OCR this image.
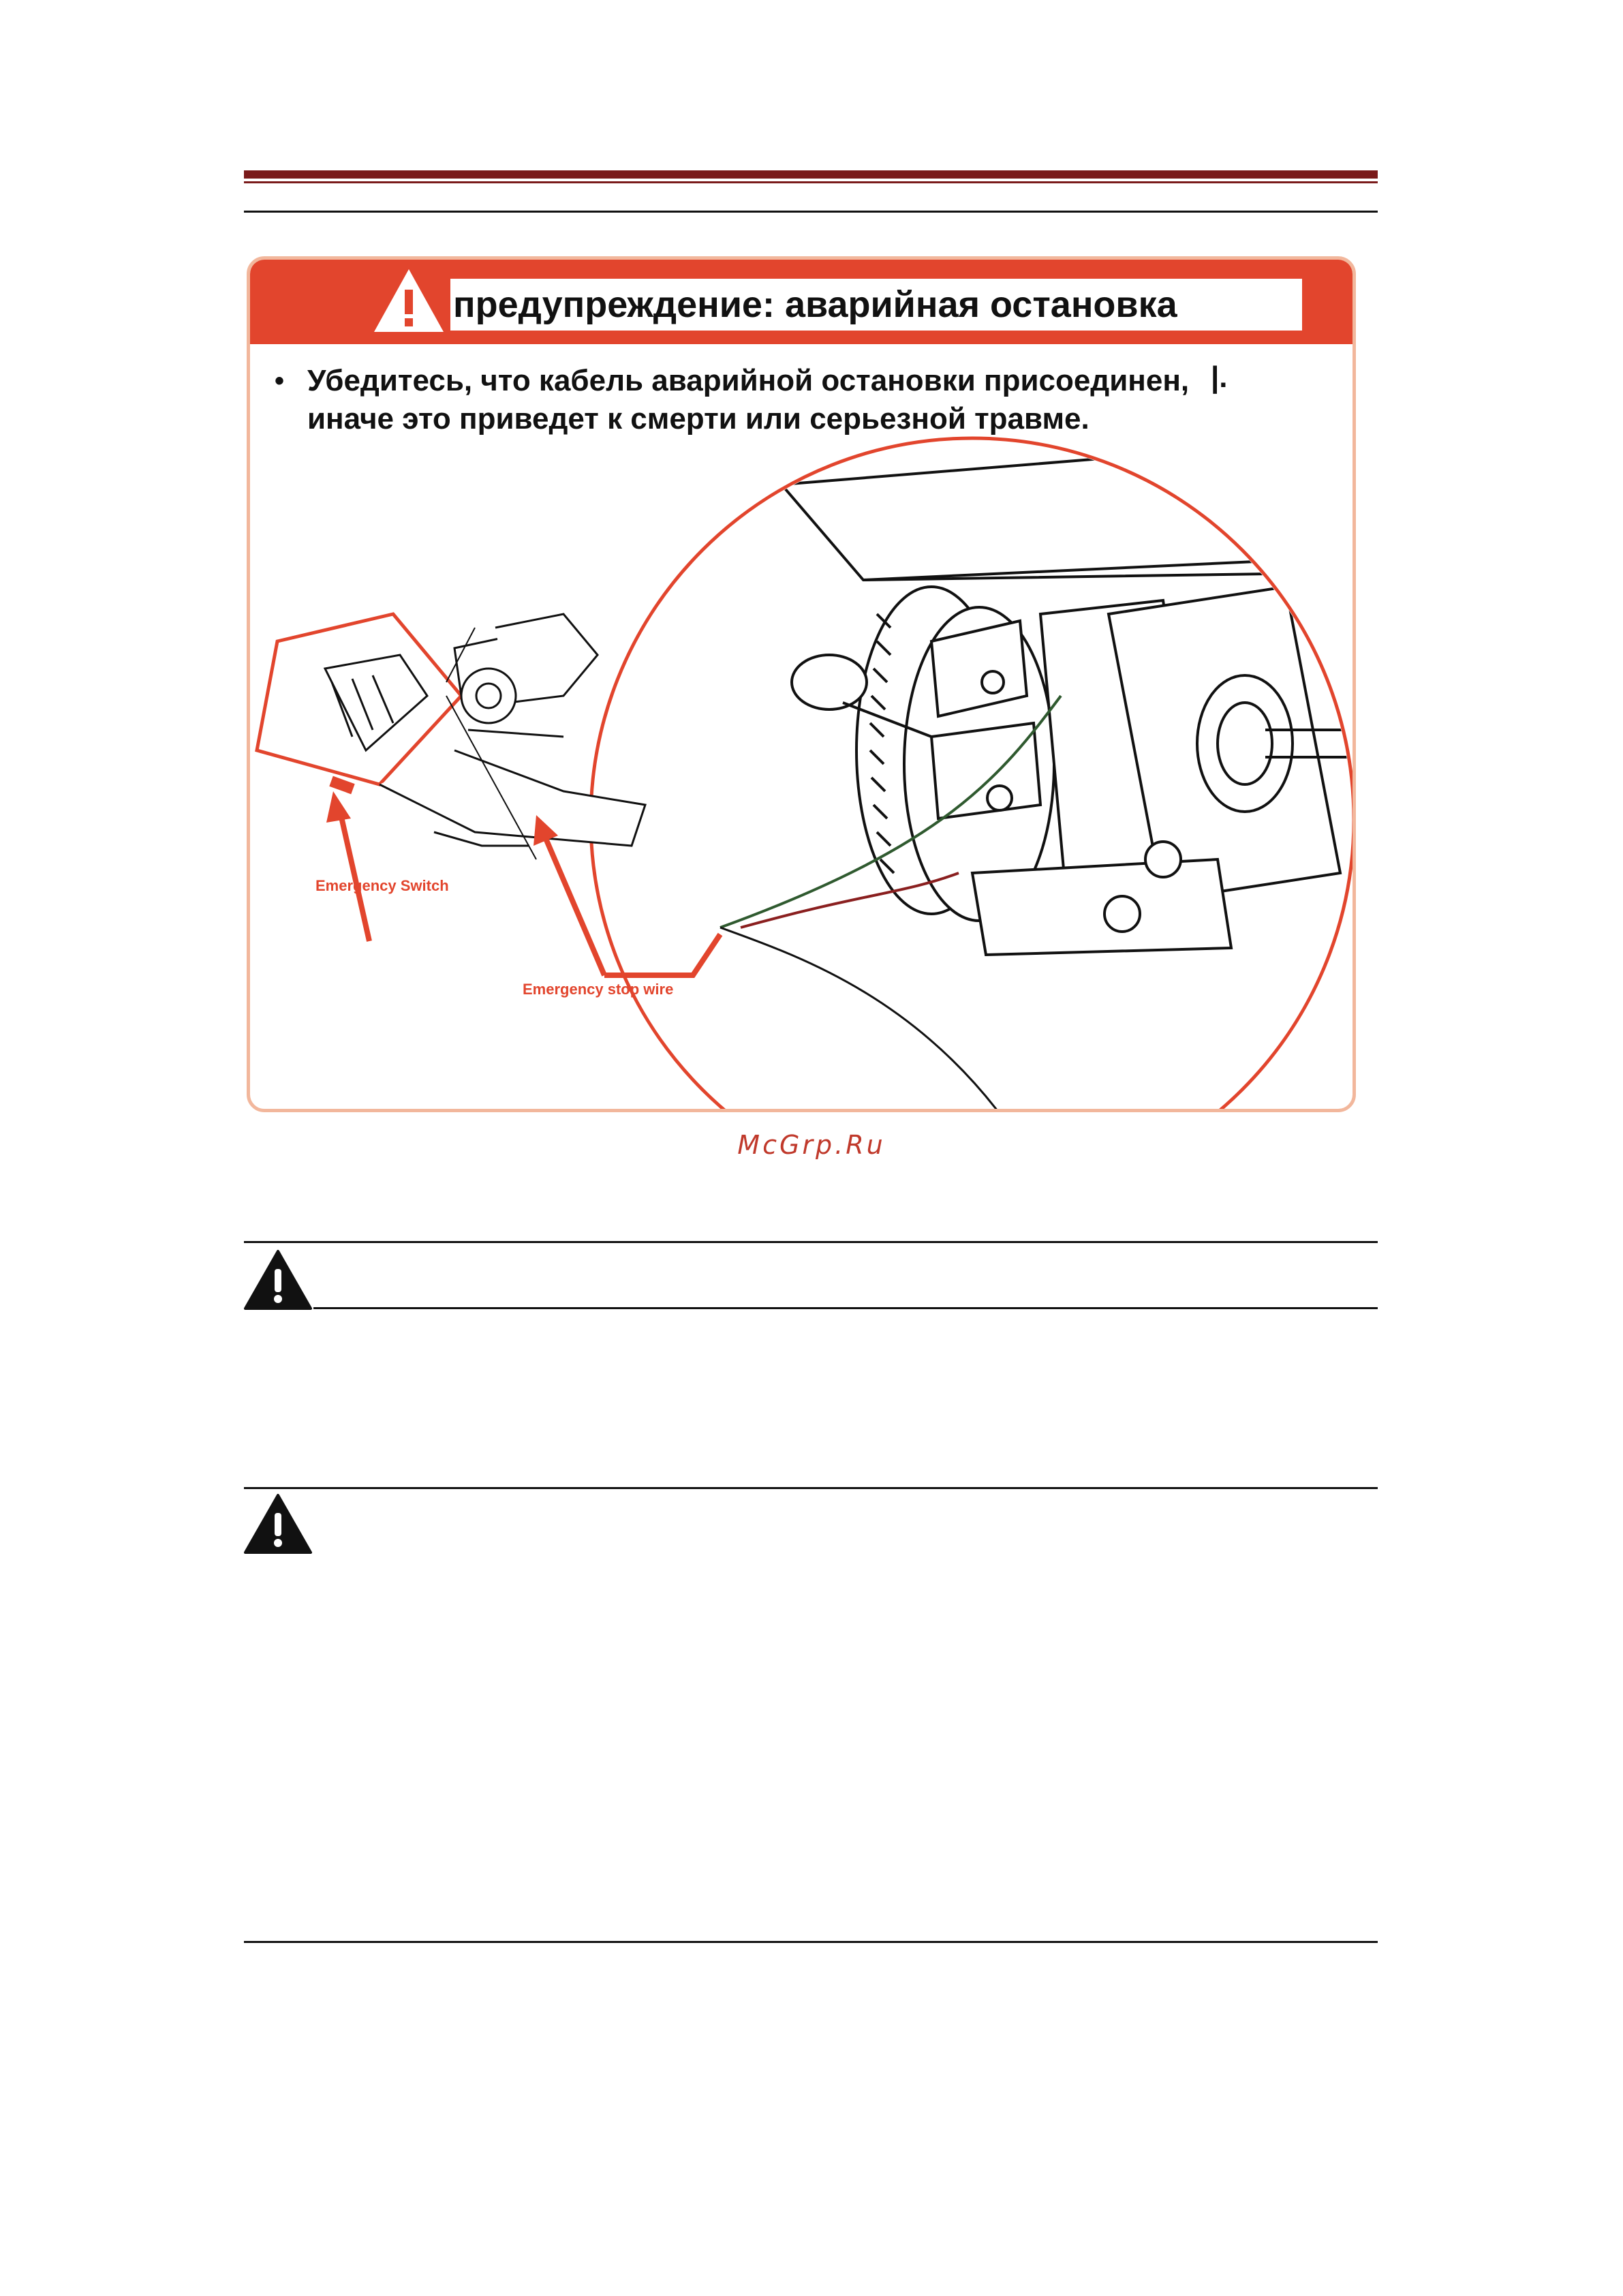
предупреждение: аварийная остановка
• Убедитесь, что кабель аварийной остановки присоединен,
иначе это приведет к смерти или серьезной травме.
|.
Emergency Switch
Emergency stop wire
McGrp.Ru
